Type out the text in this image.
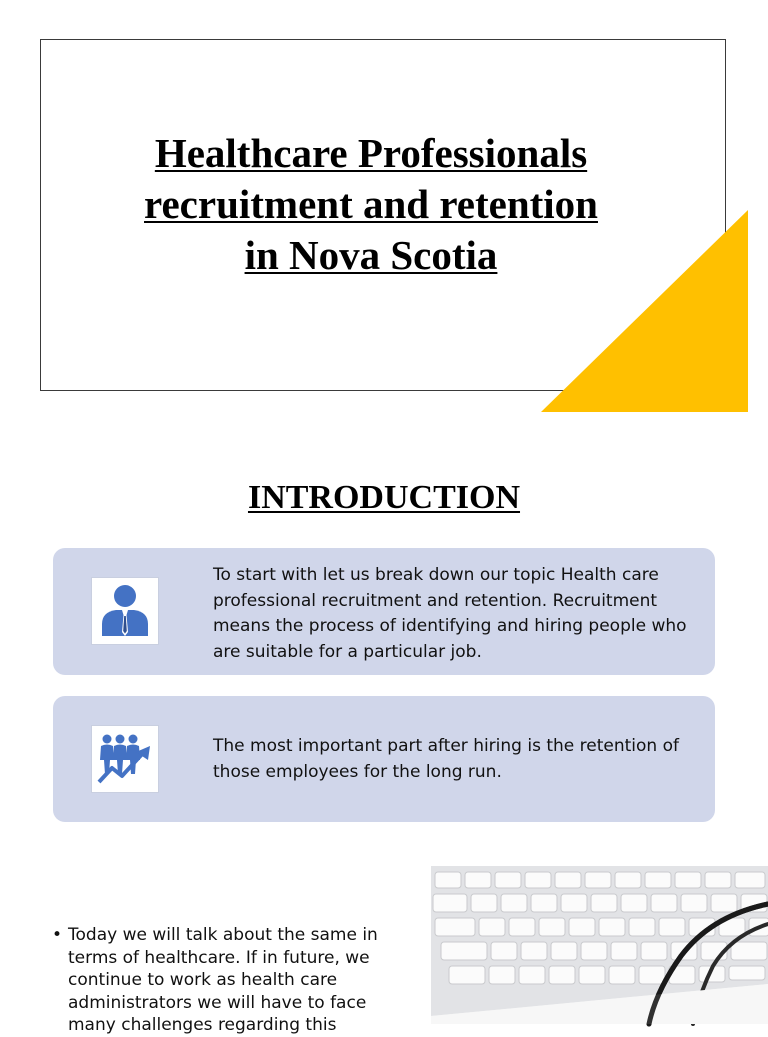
Healthcare Professionals
recruitment and retention
in Nova Scotia
INTRODUCTION
To start with let us break down our topic Health care professional recruitment and retention. Recruitment means the process of identifying and hiring people who are suitable for a particular job.
The most important part after hiring is the retention of those employees for the long run.
• Today we will talk about the same in terms of healthcare. If in future, we continue to work as health care administrators we will have to face many challenges regarding this
